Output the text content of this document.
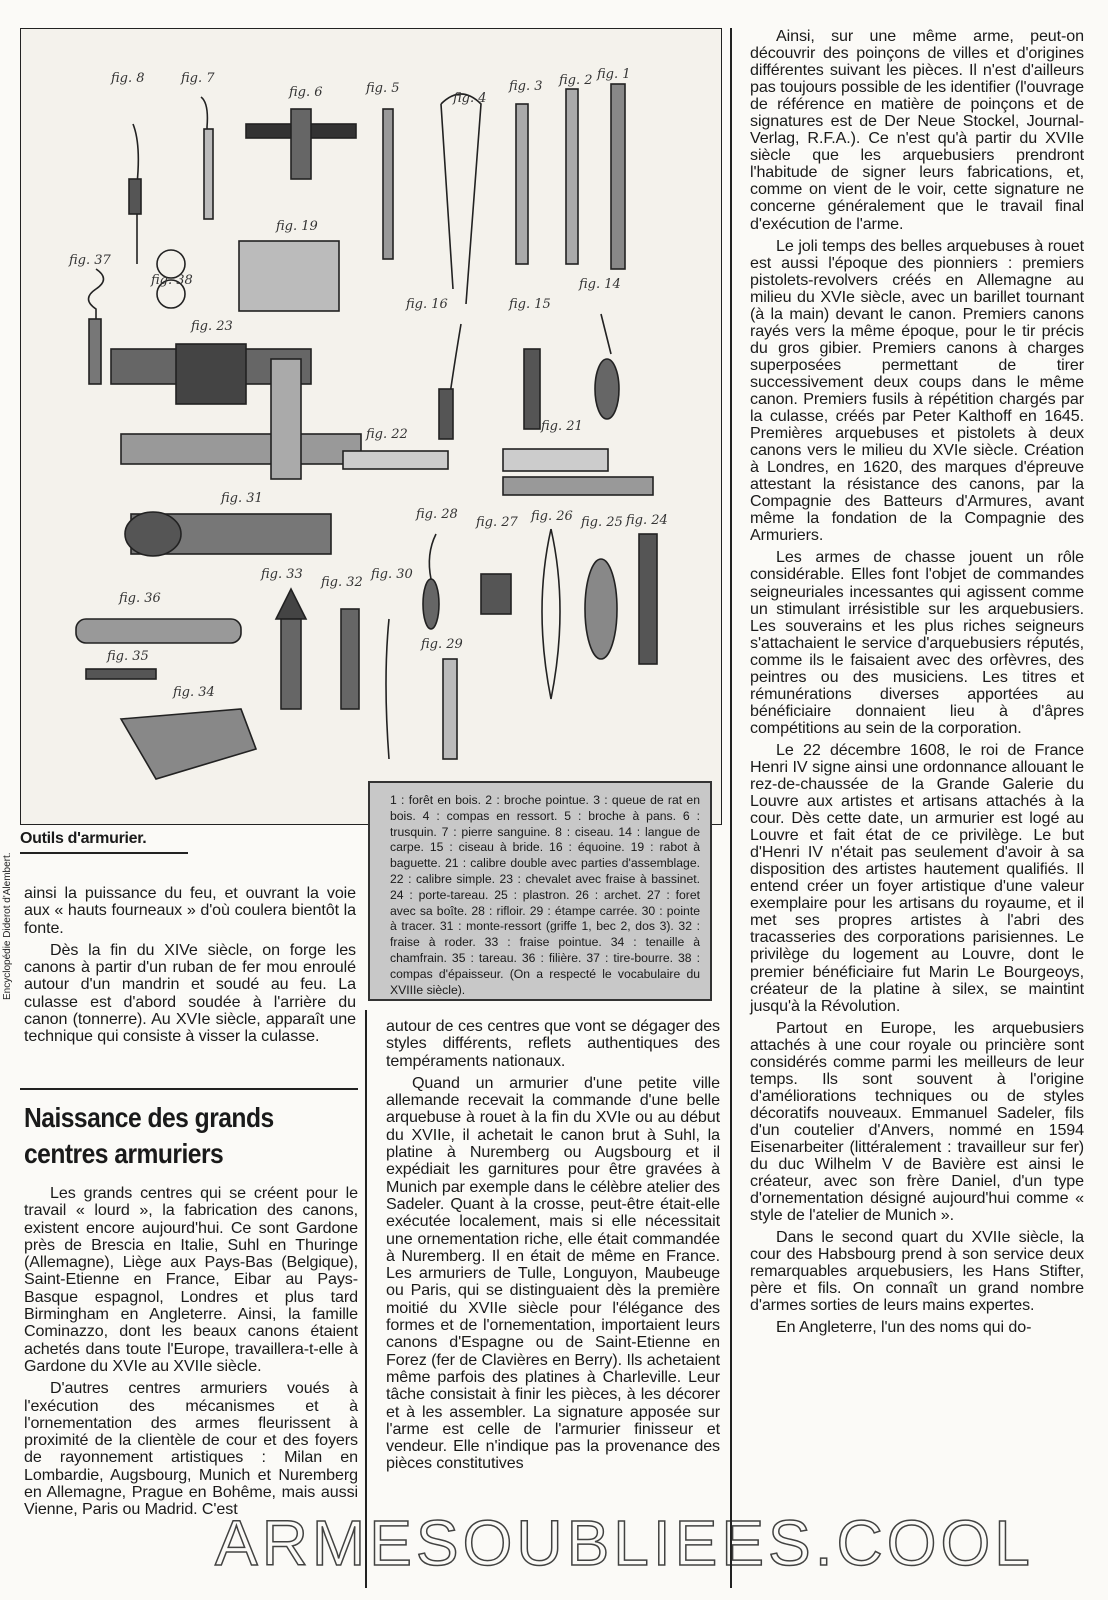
fig. 8	fig. 7
fig. 6	fig. 5
fig. 4
fig. 3 fig. 2 fig. 1
fig. 19
fig. 37
fig. 38
fig. 23
fig. 16	fig. 15
fig. 14
fig. 22
fig. 21
fig. 31
fig. 28
fig. 27 fig. 26 fig. 25 fig. 24
fig. 33
fig. 32
fig. 30
fig. 36
fig. 29
fig. 35
fig. 34
Encyclopédie Diderot d'Alembert.
Outils d'armurier.
1 : forêt en bois. 2 : broche pointue. 3 : queue de rat en bois. 4 : compas en ressort. 5 : broche à pans. 6 : trusquin. 7 : pierre sanguine. 8 : ciseau. 14 : langue de carpe. 15 : ciseau à bride. 16 : équoine. 19 : rabot à baguette. 21 : calibre double avec parties d'assemblage. 22 : calibre simple. 23 : chevalet avec fraise à bassinet. 24 : porte-tareau. 25 : plastron. 26 : archet. 27 : foret avec sa boîte. 28 : rifloir. 29 : étampe carrée. 30 : pointe à tracer. 31 : monte-ressort (griffe 1, bec 2, dos 3). 32 : fraise à roder. 33 : fraise pointue. 34 : tenaille à chamfrain. 35 : tareau. 36 : filière. 37 : tire-bourre. 38 : compas d'épaisseur. (On a respecté le vocabulaire du XVIIIe siècle).

ainsi la puissance du feu, et ouvrant la voie aux « hauts fourneaux » d'où coulera bientôt la fonte.

Dès la fin du XIVe siècle, on forge les canons à partir d'un ruban de fer mou enroulé autour d'un mandrin et soudé au feu. La culasse est d'abord soudée à l'arrière du canon (tonnerre). Au XVIe siècle, apparaît une technique qui consiste à visser la culasse.

Naissance des grands centres armuriers

Les grands centres qui se créent pour le travail « lourd », la fabrication des canons, existent encore aujourd'hui. Ce sont Gardone près de Brescia en Italie, Suhl en Thuringe (Allemagne), Liège aux Pays-Bas (Belgique), Saint-Etienne en France, Eibar au Pays-Basque espagnol, Londres et plus tard Birmingham en Angleterre. Ainsi, la famille Cominazzo, dont les beaux canons étaient achetés dans toute l'Europe, travaillera-t-elle à Gardone du XVIe au XVIIe siècle.

D'autres centres armuriers voués à l'exécution des mécanismes et à l'ornementation des armes fleurissent à proximité de la clientèle de cour et des foyers de rayonnement artistiques : Milan en Lombardie, Augsbourg, Munich et Nuremberg en Allemagne, Prague en Bohême, mais aussi Vienne, Paris ou Madrid. C'est

autour de ces centres que vont se dégager des styles différents, reflets authentiques des tempéraments nationaux.

Quand un armurier d'une petite ville allemande recevait la commande d'une belle arquebuse à rouet à la fin du XVIe ou au début du XVIIe, il achetait le canon brut à Suhl, la platine à Nuremberg ou Augsbourg et il expédiait les garnitures pour être gravées à Munich par exemple dans le célèbre atelier des Sadeler. Quant à la crosse, peut-être était-elle exécutée localement, mais si elle nécessitait une ornementation riche, elle était commandée à Nuremberg. Il en était de même en France. Les armuriers de Tulle, Longuyon, Maubeuge ou Paris, qui se distinguaient dès la première moitié du XVIIe siècle pour l'élégance des formes et de l'ornementation, importaient leurs canons d'Espagne ou de Saint-Etienne en Forez (fer de Clavières en Berry). Ils achetaient même parfois des platines à Charleville. Leur tâche consistait à finir les pièces, à les décorer et à les assembler. La signature apposée sur l'arme est celle de l'armurier finisseur et vendeur. Elle n'indique pas la provenance des pièces constitutives

Ainsi, sur une même arme, peut-on découvrir des poinçons de villes et d'origines différentes suivant les pièces. Il n'est d'ailleurs pas toujours possible de les identifier (l'ouvrage de référence en matière de poinçons et de signatures est de Der Neue Stockel, Journal-Verlag, R.F.A.). Ce n'est qu'à partir du XVIIe siècle que les arquebusiers prendront l'habitude de signer leurs fabrications, et, comme on vient de le voir, cette signature ne concerne généralement que le travail final d'exécution de l'arme.

Le joli temps des belles arquebuses à rouet est aussi l'époque des pionniers : premiers pistolets-revolvers créés en Allemagne au milieu du XVIe siècle, avec un barillet tournant (à la main) devant le canon. Premiers canons rayés vers la même époque, pour le tir précis du gros gibier. Premiers canons à charges superposées permettant de tirer successivement deux coups dans le même canon. Premiers fusils à répétition chargés par la culasse, créés par Peter Kalthoff en 1645. Premières arquebuses et pistolets à deux canons vers le milieu du XVIe siècle. Création à Londres, en 1620, des marques d'épreuve attestant la résistance des canons, par la Compagnie des Batteurs d'Armures, avant même la fondation de la Compagnie des Armuriers.

Les armes de chasse jouent un rôle considérable. Elles font l'objet de commandes seigneuriales incessantes qui agissent comme un stimulant irrésistible sur les arquebusiers. Les souverains et les plus riches seigneurs s'attachaient le service d'arquebusiers réputés, comme ils le faisaient avec des orfèvres, des peintres ou des musiciens. Les titres et rémunérations diverses apportées au bénéficiaire donnaient lieu à d'âpres compétitions au sein de la corporation.

Le 22 décembre 1608, le roi de France Henri IV signe ainsi une ordonnance allouant le rez-de-chaussée de la Grande Galerie du Louvre aux artistes et artisans attachés à la cour. Dès cette date, un armurier est logé au Louvre et fait état de ce privilège. Le but d'Henri IV n'était pas seulement d'avoir à sa disposition des artistes hautement qualifiés. Il entend créer un foyer artistique d'une valeur exemplaire pour les artisans du royaume, et il met ses propres artistes à l'abri des tracasseries des corporations parisiennes. Le privilège du logement au Louvre, dont le premier bénéficiaire fut Marin Le Bourgeoys, créateur de la platine à silex, se maintint jusqu'à la Révolution.

Partout en Europe, les arquebusiers attachés à une cour royale ou princière sont considérés comme parmi les meilleurs de leur temps. Ils sont souvent à l'origine d'améliorations techniques ou de styles décoratifs nouveaux. Emmanuel Sadeler, fils d'un coutelier d'Anvers, nommé en 1594 Eisenarbeiter (littéralement : travailleur sur fer) du duc Wilhelm V de Bavière est ainsi le créateur, avec son frère Daniel, d'un type d'ornementation désigné aujourd'hui comme « style de l'atelier de Munich ».

Dans le second quart du XVIIe siècle, la cour des Habsbourg prend à son service deux remarquables arquebusiers, les Hans Stifter, père et fils. On connaît un grand nombre d'armes sorties de leurs mains expertes.

En Angleterre, l'un des noms qui do-

ARMESOUBLIEES.COOL
